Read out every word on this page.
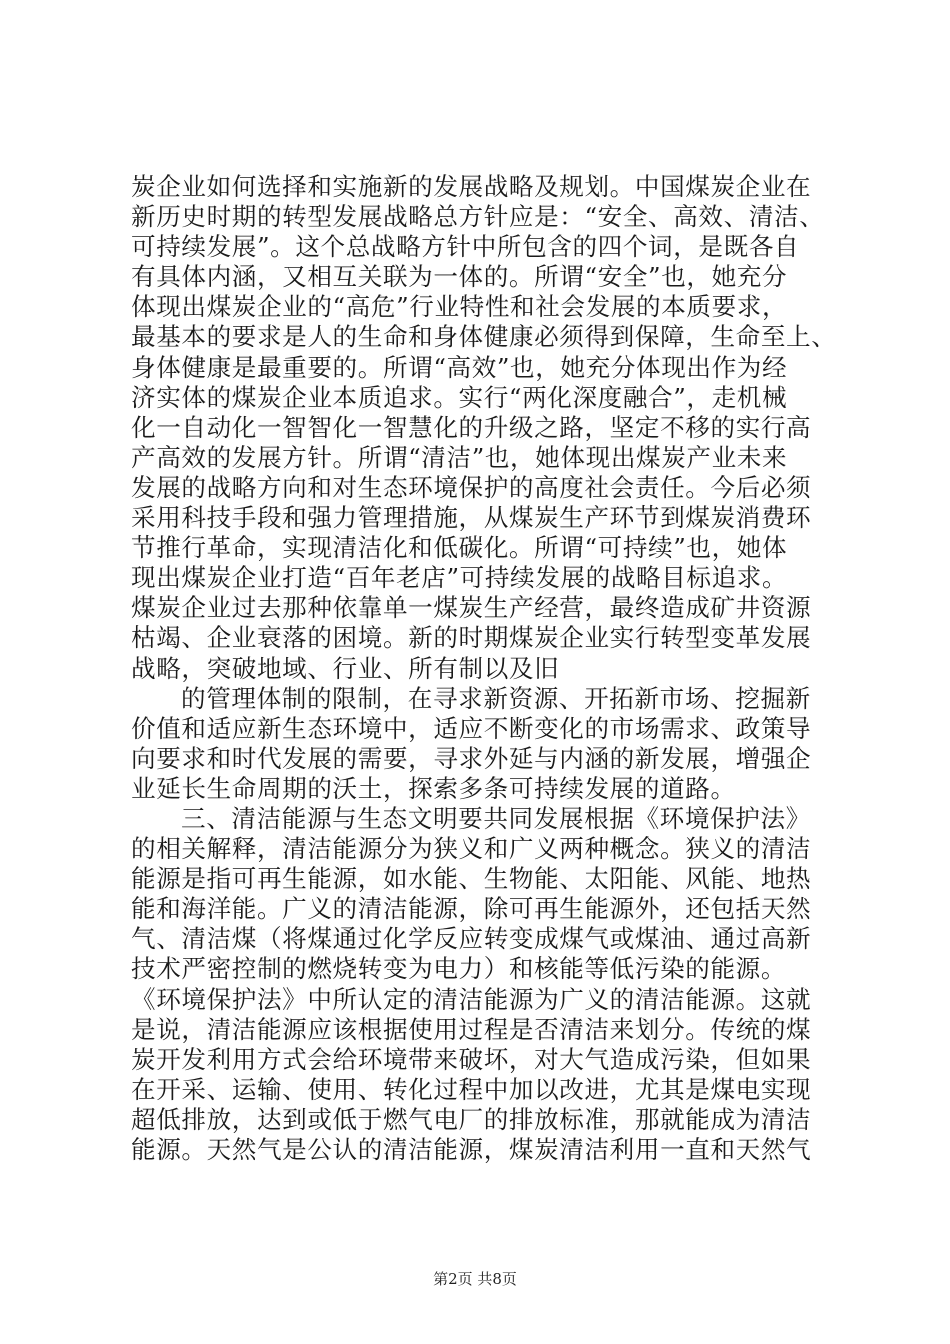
炭企业如何选择和实施新的发展战略及规划。中国煤炭企业在
新历史时期的转型发展战略总方针应是：“安全、高效、清洁、
可持续发展”。这个总战略方针中所包含的四个词，是既各自
有具体内涵，又相互关联为一体的。所谓“安全”也，她充分
体现出煤炭企业的“高危”行业特性和社会发展的本质要求，
最基本的要求是人的生命和身体健康必须得到保障，生命至上、
身体健康是最重要的。所谓“高效”也，她充分体现出作为经
济实体的煤炭企业本质追求。实行“两化深度融合”，走机械
化一自动化一智智化一智慧化的升级之路，坚定不移的实行高
产高效的发展方针。所谓“清洁”也，她体现出煤炭产业未来
发展的战略方向和对生态环境保护的高度社会责任。今后必须
采用科技手段和强力管理措施，从煤炭生产环节到煤炭消费环
节推行革命，实现清洁化和低碳化。所谓“可持续”也，她体
现出煤炭企业打造“百年老店”可持续发展的战略目标追求。
煤炭企业过去那种依靠单一煤炭生产经营，最终造成矿井资源
枯竭、企业衰落的困境。新的时期煤炭企业实行转型变革发展
战略，突破地域、行业、所有制以及旧
的管理体制的限制，在寻求新资源、开拓新市场、挖掘新
价值和适应新生态环境中，适应不断变化的市场需求、政策导
向要求和时代发展的需要，寻求外延与内涵的新发展，增强企
业延长生命周期的沃土，探索多条可持续发展的道路。
三、清洁能源与生态文明要共同发展根据《环境保护法》
的相关解释，清洁能源分为狭义和广义两种概念。狭义的清洁
能源是指可再生能源，如水能、生物能、太阳能、风能、地热
能和海洋能。广义的清洁能源，除可再生能源外，还包括天然
气、清洁煤（将煤通过化学反应转变成煤气或煤油、通过高新
技术严密控制的燃烧转变为电力）和核能等低污染的能源。
《环境保护法》中所认定的清洁能源为广义的清洁能源。这就
是说，清洁能源应该根据使用过程是否清洁来划分。传统的煤
炭开发利用方式会给环境带来破坏，对大气造成污染，但如果
在开采、运输、使用、转化过程中加以改进，尤其是煤电实现
超低排放，达到或低于燃气电厂的排放标准，那就能成为清洁
能源。天然气是公认的清洁能源，煤炭清洁利用一直和天然气
第2页 共8页
